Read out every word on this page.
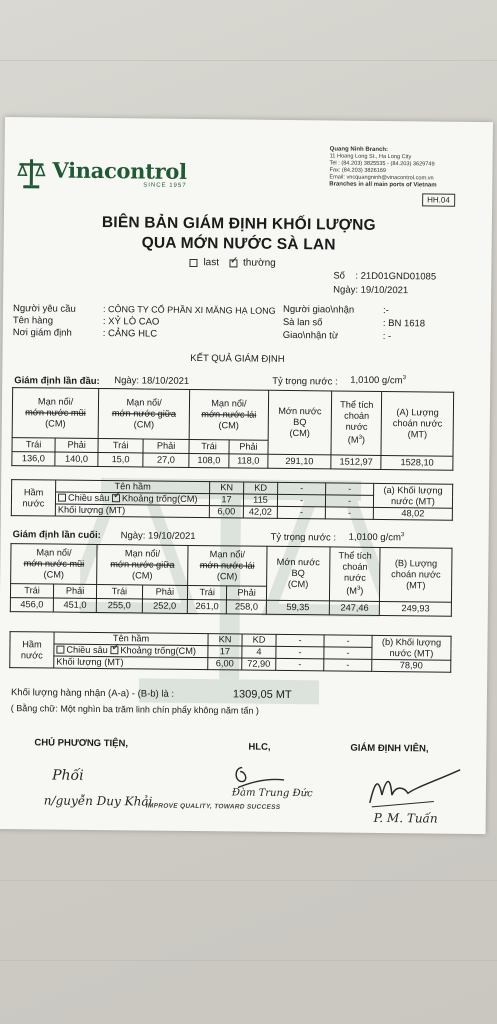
Vinacontrol
SINCE 1957
Quang Ninh Branch:
11 Hoang Long St., Ha Long City
Tel : (84.203) 3825535 - (84.203) 3629749
Fax: (84.203) 3826169
Email: vncquangninh@vinacontrol.com.vn
Branches in all main ports of Vietnam
HH.04
BIÊN BẢN GIÁM ĐỊNH KHỐI LƯỢNG
QUA MỚN NƯỚC SÀ LAN
last ✓ thường
Số : 21D01GND01085
Ngày: 19/10/2021
Người yêu cầu	: CÔNG TY CỔ PHẦN XI MĂNG HẠ LONG
Tên hàng	: XỶ LÒ CAO
Nơi giám định	: CẢNG HLC
Người giao\nhận	:-
Sà lan số	: BN 1618
Giao\nhận từ	: -
KẾT QUẢ GIÁM ĐỊNH
Giám định lần đầu: Ngày: 18/10/2021	Tỷ trọng nước : 1,0100 $g/cm^3$
Mạn nổi/
mớn nước mũi
(CM)		Mạn nổi/
mớn nước giữa
(CM)		Mạn nổi/
mớn nước lái
(CM)		Mớn nước
BQ
(CM)	Thể tích
choán
nước
$(M^3)$	(A) Lượng
choán nước
(MT)
Trái	Phải	Trái	Phải	Trái	Phải			
136,0	140,0	15,0	27,0	108,0	118,0	291,10	1512,97	1528,10
Hầm
nước	Tên hầm	KN	KD	-	-	(a) Khối lượng
nước (MT)
	Chiều sâu ✓ Khoảng trống(CM)	17	115	-	-	
	Khối lượng (MT)	6,00	42,02	-	-	48,02
Giám định lần cuối: Ngày: 19/10/2021	Tỷ trọng nước : 1,0100 $g/cm^3$
Mạn nổi/
mớn nước mũi
(CM)		Mạn nổi/
mớn nước giữa
(CM)		Mạn nổi/
mớn nước lái
(CM)		Mớn nước
BQ
(CM)	Thể tích
choán
nước
$(M^3)$	(B) Lượng
choán nước
(MT)
Trái	Phải	Trái	Phải	Trái	Phải			
456,0	451,0	255,0	252,0	261,0	258,0	59,35	247,46	249,93
Hầm
nước	Tên hầm	KN	KD	-	-	(b) Khối lượng
nước (MT)
	Chiều sâu ✓ Khoảng trống(CM)	17	4	-	-	
	Khối lượng (MT)	6,00	72,90	-	-	78,90
Khối lượng hàng nhận (A-a) - (B-b) là :	1309,05 MT
( Bằng chữ: Một nghìn ba trăm linh chín phẩy không năm tấn )
CHỦ PHƯƠNG TIỆN,	HLC,	GIÁM ĐỊNH VIÊN,
Phối
n/guyễn Duy Khải
IMPROVE QUALITY, TOWARD SUCCESS
Đàm Trung Đức
P. M. Tuấn
